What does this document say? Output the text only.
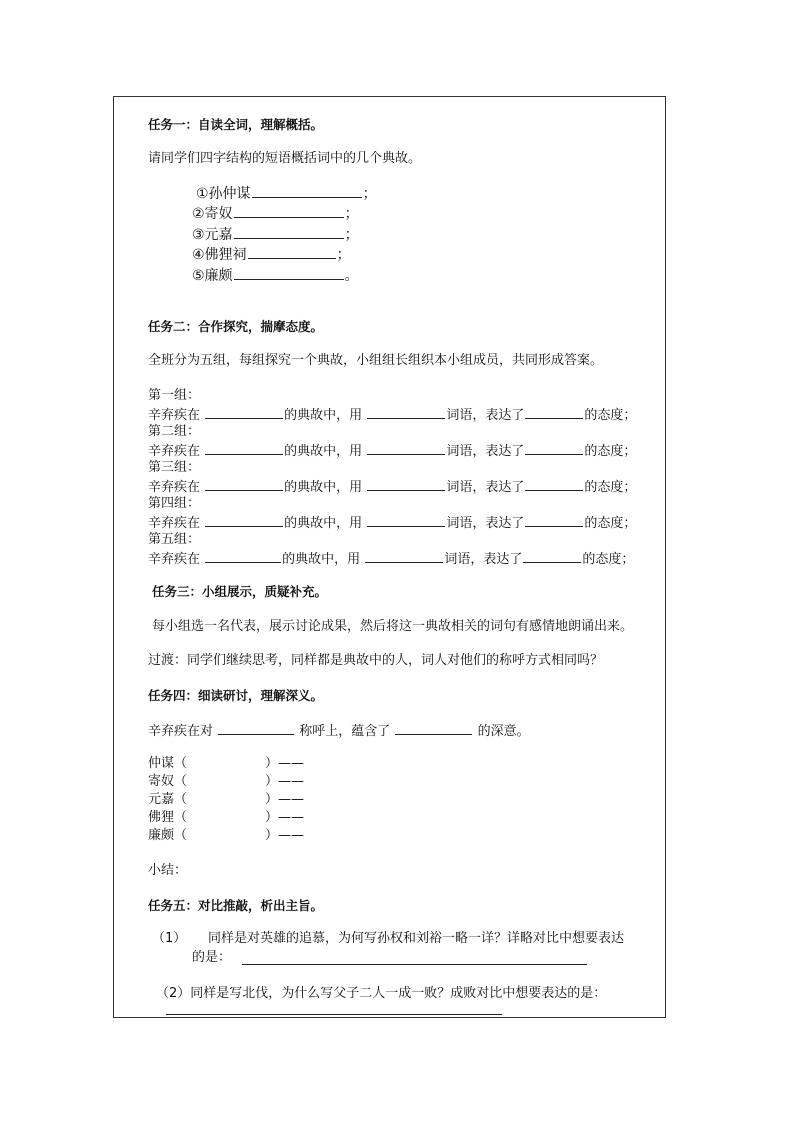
任务一：自读全词，理解概括。
请同学们四字结构的短语概括词中的几个典故。
①孙仲谋	；
②寄奴	；
③元嘉	；
④佛狸祠	；
⑤廉颇	。
任务二：合作探究，揣摩态度。
全班分为五组，每组探究一个典故，小组组长组织本小组成员，共同形成答案。
第一组：
辛弃疾在	的典故中，用	词语，表达了	的态度；
第二组：
辛弃疾在	的典故中，用	词语，表达了	的态度；
第三组：
辛弃疾在	的典故中，用	词语，表达了	的态度；
第四组：
辛弃疾在	的典故中，用	词语，表达了	的态度；
第五组：
辛弃疾在	的典故中，用	词语，表达了	的态度；
任务三：小组展示，质疑补充。
每小组选一名代表，展示讨论成果，然后将这一典故相关的词句有感情地朗诵出来。
过渡：同学们继续思考，同样都是典故中的人，词人对他们的称呼方式相同吗？
任务四：细读研讨，理解深义。
辛弃疾在对	称呼上，蕴含了	的深意。
仲谋（	）——
寄奴（	）——
元嘉（	）——
佛狸（	）——
廉颇（	）——
小结：
任务五：对比推敲，析出主旨。
（1） 同样是对英雄的追慕，为何写孙权和刘裕一略一详？详略对比中想要表达
的是：
（2）同样是写北伐，为什么写父子二人一成一败？成败对比中想要表达的是：
